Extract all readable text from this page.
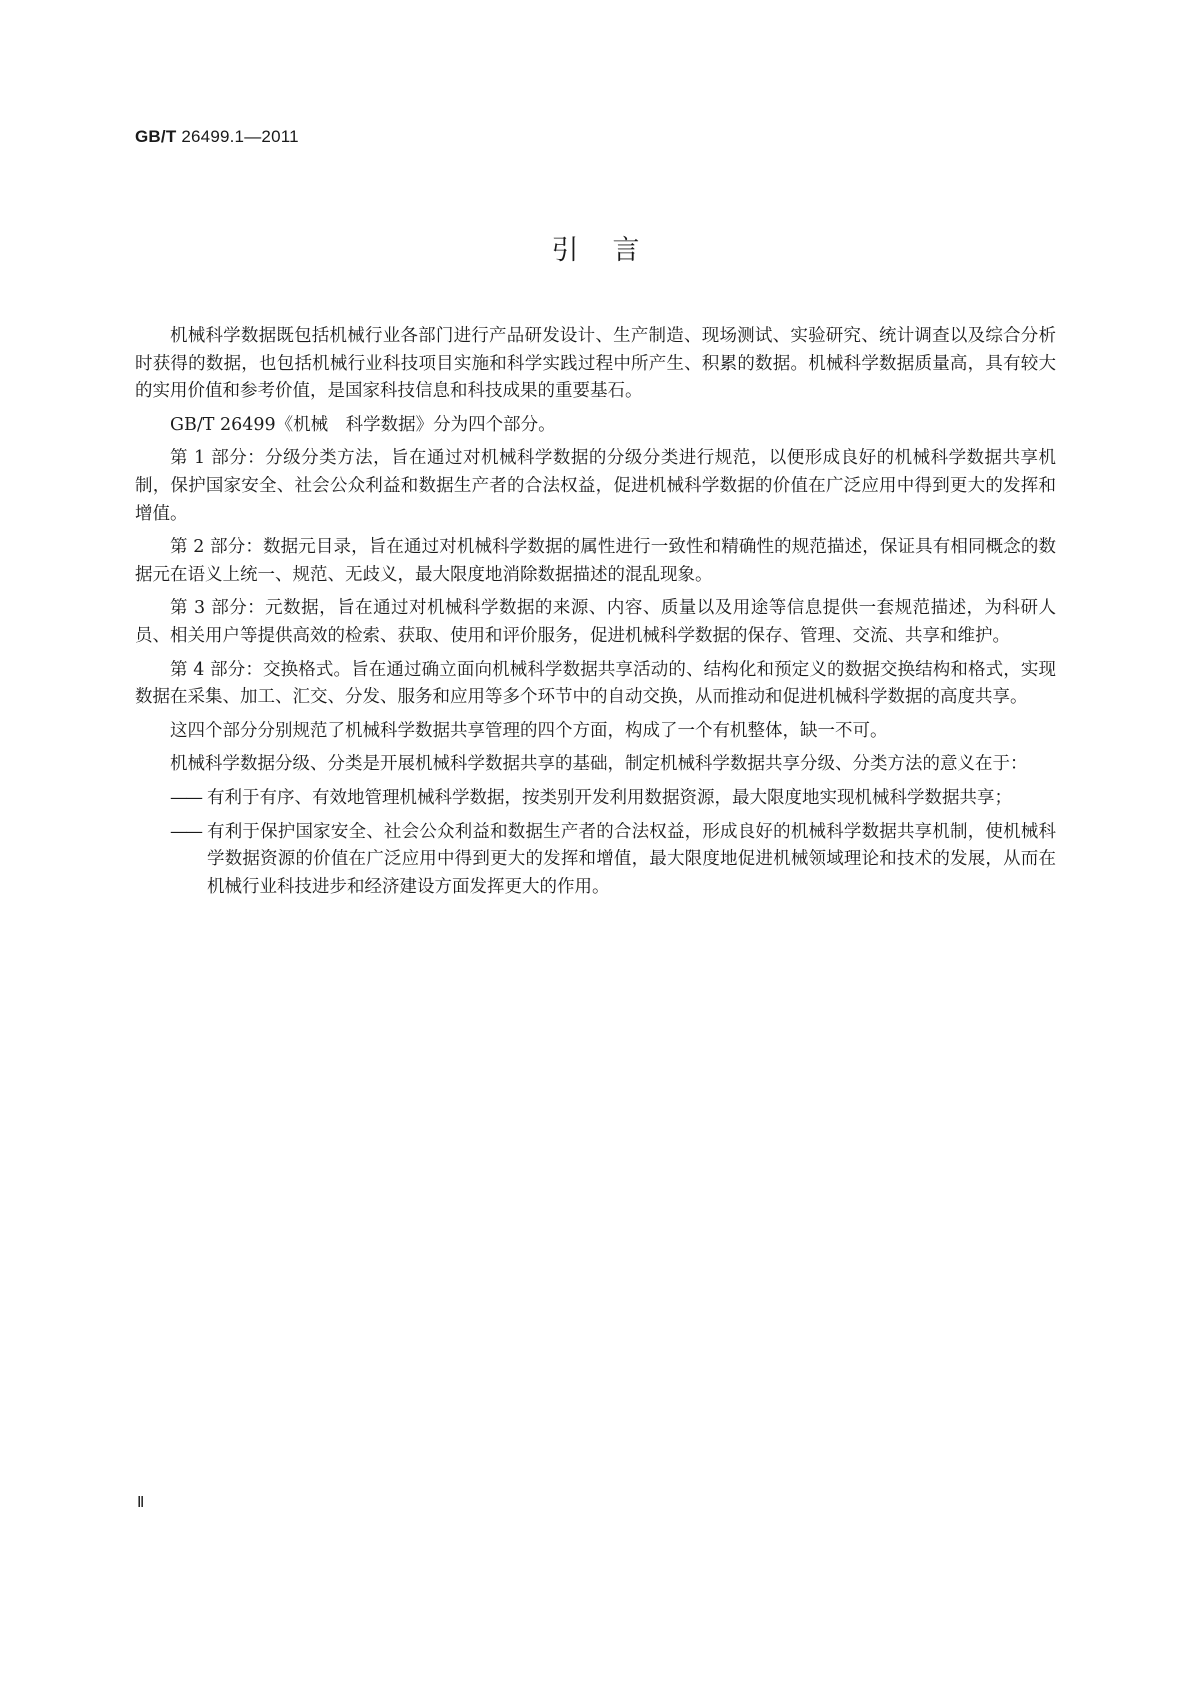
GB/T 26499.1—2011
引言

机械科学数据既包括机械行业各部门进行产品研发设计、生产制造、现场测试、实验研究、统计调查以及综合分析时获得的数据，也包括机械行业科技项目实施和科学实践过程中所产生、积累的数据。机械科学数据质量高，具有较大的实用价值和参考价值，是国家科技信息和科技成果的重要基石。

GB/T 26499《机械　科学数据》分为四个部分。

第 1 部分：分级分类方法，旨在通过对机械科学数据的分级分类进行规范，以便形成良好的机械科学数据共享机制，保护国家安全、社会公众利益和数据生产者的合法权益，促进机械科学数据的价值在广泛应用中得到更大的发挥和增值。

第 2 部分：数据元目录，旨在通过对机械科学数据的属性进行一致性和精确性的规范描述，保证具有相同概念的数据元在语义上统一、规范、无歧义，最大限度地消除数据描述的混乱现象。

第 3 部分：元数据，旨在通过对机械科学数据的来源、内容、质量以及用途等信息提供一套规范描述，为科研人员、相关用户等提供高效的检索、获取、使用和评价服务，促进机械科学数据的保存、管理、交流、共享和维护。

第 4 部分：交换格式。旨在通过确立面向机械科学数据共享活动的、结构化和预定义的数据交换结构和格式，实现数据在采集、加工、汇交、分发、服务和应用等多个环节中的自动交换，从而推动和促进机械科学数据的高度共享。

这四个部分分别规范了机械科学数据共享管理的四个方面，构成了一个有机整体，缺一不可。

机械科学数据分级、分类是开展机械科学数据共享的基础，制定机械科学数据共享分级、分类方法的意义在于：

—— 有利于有序、有效地管理机械科学数据，按类别开发利用数据资源，最大限度地实现机械科学数据共享；
—— 有利于保护国家安全、社会公众利益和数据生产者的合法权益，形成良好的机械科学数据共享机制，使机械科学数据资源的价值在广泛应用中得到更大的发挥和增值，最大限度地促进机械领域理论和技术的发展，从而在机械行业科技进步和经济建设方面发挥更大的作用。
Ⅱ
